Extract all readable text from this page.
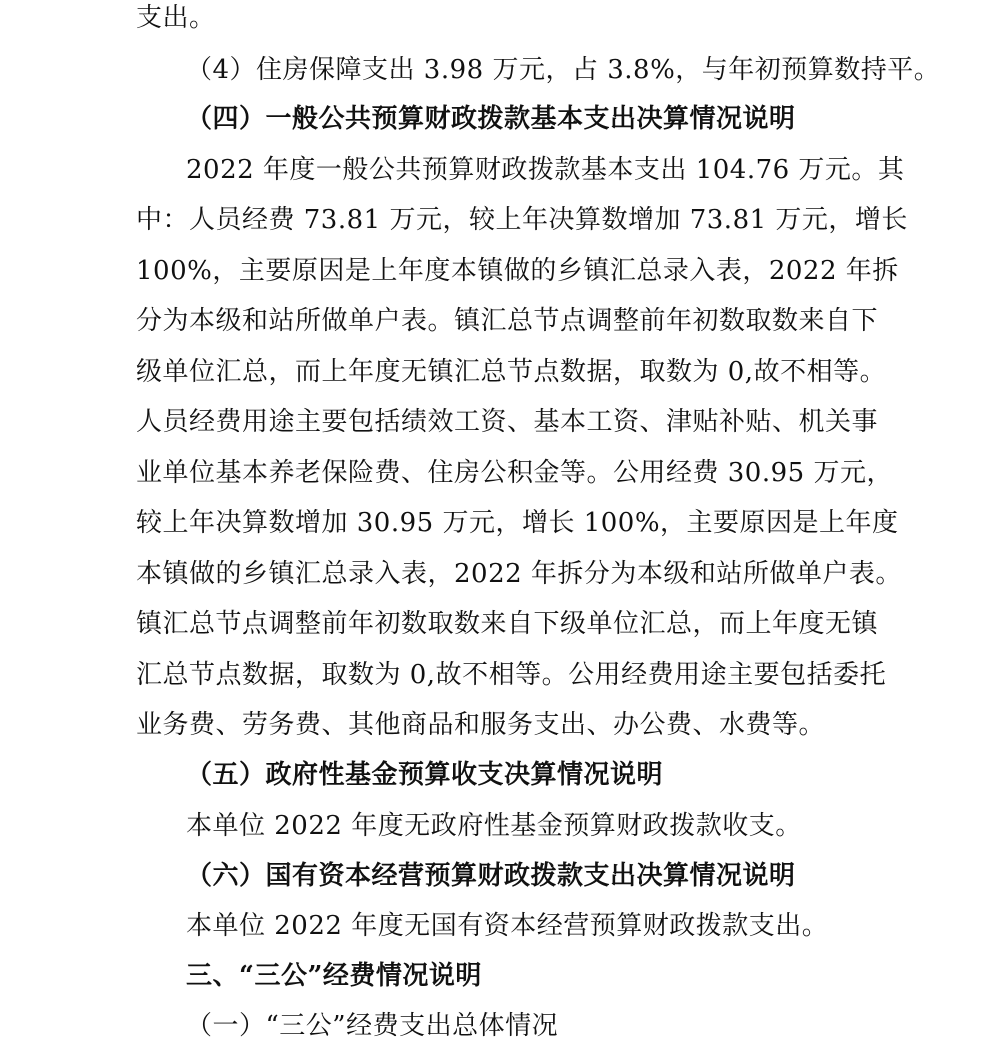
支出。
（4）住房保障支出 3.98 万元，占 3.8%，与年初预算数持平。
（四）一般公共预算财政拨款基本支出决算情况说明
2022 年度一般公共预算财政拨款基本支出 104.76 万元。其
中：人员经费 73.81 万元，较上年决算数增加 73.81 万元，增长
100%，主要原因是上年度本镇做的乡镇汇总录入表，2022 年拆
分为本级和站所做单户表。镇汇总节点调整前年初数取数来自下
级单位汇总，而上年度无镇汇总节点数据，取数为 0,故不相等。
人员经费用途主要包括绩效工资、基本工资、津贴补贴、机关事
业单位基本养老保险费、住房公积金等。公用经费 30.95 万元，
较上年决算数增加 30.95 万元，增长 100%，主要原因是上年度
本镇做的乡镇汇总录入表，2022 年拆分为本级和站所做单户表。
镇汇总节点调整前年初数取数来自下级单位汇总，而上年度无镇
汇总节点数据，取数为 0,故不相等。公用经费用途主要包括委托
业务费、劳务费、其他商品和服务支出、办公费、水费等。
（五）政府性基金预算收支决算情况说明
本单位 2022 年度无政府性基金预算财政拨款收支。
（六）国有资本经营预算财政拨款支出决算情况说明
本单位 2022 年度无国有资本经营预算财政拨款支出。
三、“三公”经费情况说明
（一）“三公”经费支出总体情况
